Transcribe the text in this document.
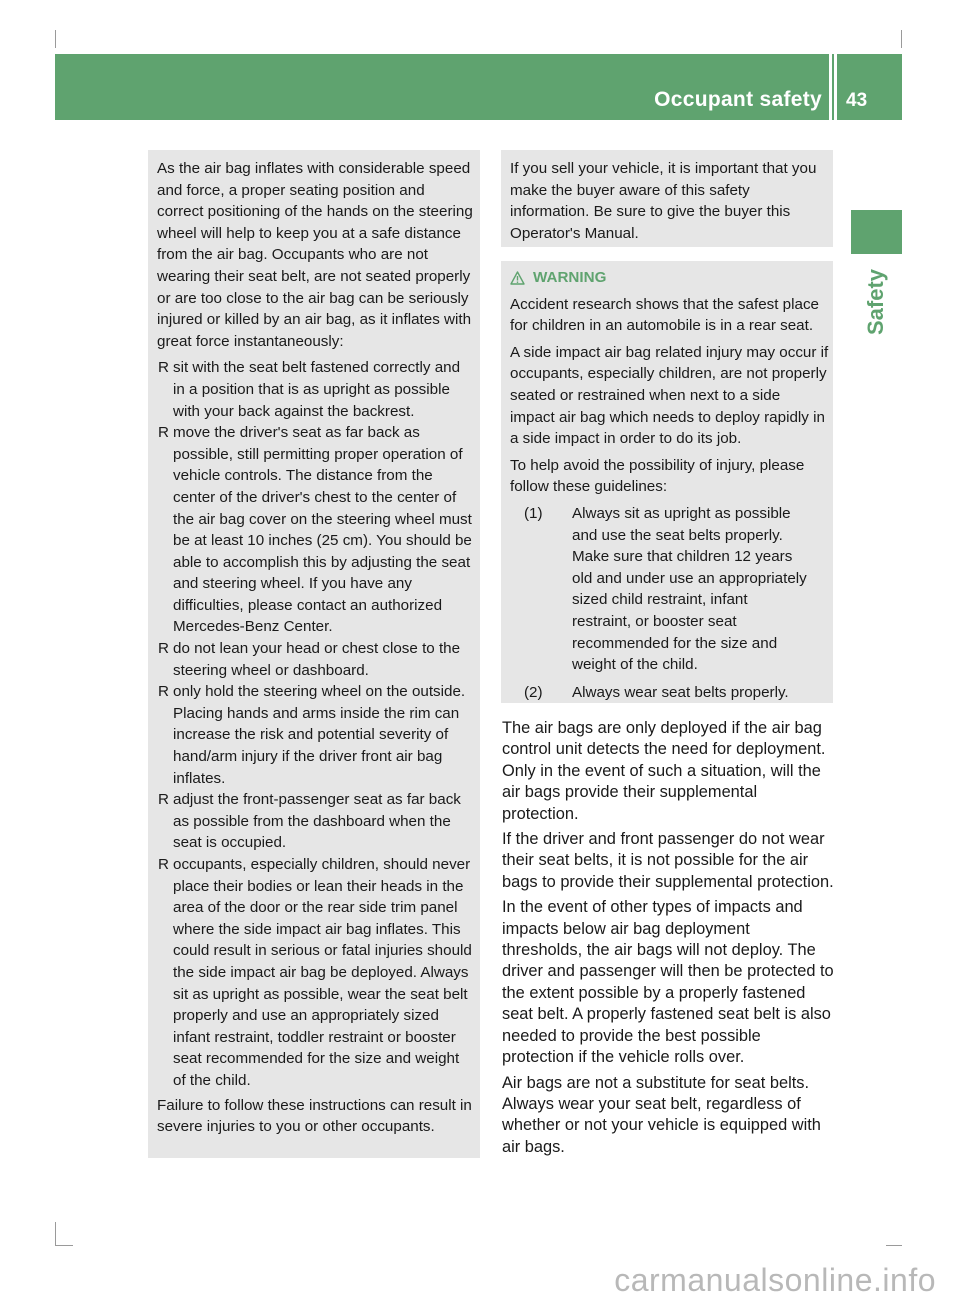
Occupant safety 43
Safety

As the air bag inflates with considerable speed and force, a proper seating position and correct positioning of the hands on the steering wheel will help to keep you at a safe distance from the air bag. Occupants who are not wearing their seat belt, are not seated properly or are too close to the air bag can be seriously injured or killed by an air bag, as it inflates with great force instantaneously:

R sit with the seat belt fastened correctly and in a position that is as upright as possible with your back against the backrest.
R move the driver's seat as far back as possible, still permitting proper operation of vehicle controls. The distance from the center of the driver's chest to the center of the air bag cover on the steering wheel must be at least 10 inches (25 cm). You should be able to accomplish this by adjusting the seat and steering wheel. If you have any difficulties, please contact an authorized Mercedes-Benz Center.
R do not lean your head or chest close to the steering wheel or dashboard.
R only hold the steering wheel on the outside. Placing hands and arms inside the rim can increase the risk and potential severity of hand/arm injury if the driver front air bag inflates.
R adjust the front-passenger seat as far back as possible from the dashboard when the seat is occupied.
R occupants, especially children, should never place their bodies or lean their heads in the area of the door or the rear side trim panel where the side impact air bag inflates. This could result in serious or fatal injuries should the side impact air bag be deployed. Always sit as upright as possible, wear the seat belt properly and use an appropriately sized infant restraint, toddler restraint or booster seat recommended for the size and weight of the child.

Failure to follow these instructions can result in severe injuries to you or other occupants.

If you sell your vehicle, it is important that you make the buyer aware of this safety information. Be sure to give the buyer this Operator's Manual.

WARNING

Accident research shows that the safest place for children in an automobile is in a rear seat.

A side impact air bag related injury may occur if occupants, especially children, are not properly seated or restrained when next to a side impact air bag which needs to deploy rapidly in a side impact in order to do its job.

To help avoid the possibility of injury, please follow these guidelines:

(1)	Always sit as upright as possible and use the seat belts properly. Make sure that children 12 years old and under use an appropriately sized child restraint, infant restraint, or booster seat recommended for the size and weight of the child.
(2)	Always wear seat belts properly.

The air bags are only deployed if the air bag control unit detects the need for deployment. Only in the event of such a situation, will the air bags provide their supplemental protection.

If the driver and front passenger do not wear their seat belts, it is not possible for the air bags to provide their supplemental protection.

In the event of other types of impacts and impacts below air bag deployment thresholds, the air bags will not deploy. The driver and passenger will then be protected to the extent possible by a properly fastened seat belt. A properly fastened seat belt is also needed to provide the best possible protection if the vehicle rolls over.

Air bags are not a substitute for seat belts. Always wear your seat belt, regardless of whether or not your vehicle is equipped with air bags.

carmanualsonline.info
